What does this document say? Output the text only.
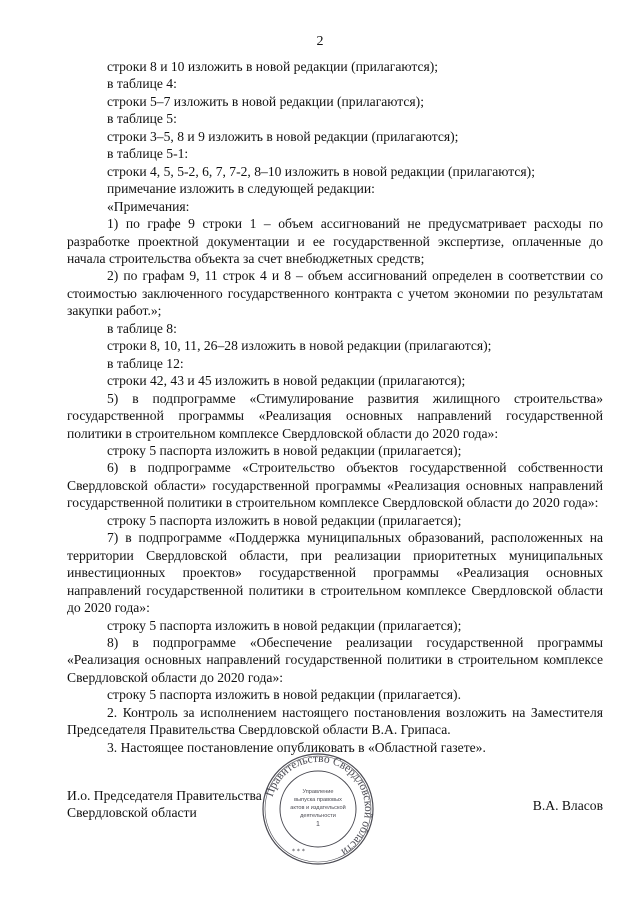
2

строки 8 и 10 изложить в новой редакции (прилагаются);

в таблице 4:

строки 5–7 изложить в новой редакции (прилагаются);

в таблице 5:

строки 3–5, 8 и 9 изложить в новой редакции (прилагаются);

в таблице 5-1:

строки 4, 5, 5-2, 6, 7, 7-2, 8–10 изложить в новой редакции (прилагаются);

примечание изложить в следующей редакции:

«Примечания:

1) по графе 9 строки 1 – объем ассигнований не предусматривает расходы по разработке проектной документации и ее государственной экспертизе, оплаченные до начала строительства объекта за счет внебюджетных средств;

2) по графам 9, 11 строк 4 и 8 – объем ассигнований определен в соответствии со стоимостью заключенного государственного контракта с учетом экономии по результатам закупки работ.»;

в таблице 8:

строки 8, 10, 11, 26–28 изложить в новой редакции (прилагаются);

в таблице 12:

строки 42, 43 и 45 изложить в новой редакции (прилагаются);

5) в подпрограмме «Стимулирование развития жилищного строительства» государственной программы «Реализация основных направлений государственной политики в строительном комплексе Свердловской области до 2020 года»:

строку 5 паспорта изложить в новой редакции (прилагается);

6) в подпрограмме «Строительство объектов государственной собственности Свердловской области» государственной программы «Реализация основных направлений государственной политики в строительном комплексе Свердловской области до 2020 года»:

строку 5 паспорта изложить в новой редакции (прилагается);

7) в подпрограмме «Поддержка муниципальных образований, расположенных на территории Свердловской области, при реализации приоритетных муниципальных инвестиционных проектов» государственной программы «Реализация основных направлений государственной политики в строительном комплексе Свердловской области до 2020 года»:

строку 5 паспорта изложить в новой редакции (прилагается);

8) в подпрограмме «Обеспечение реализации государственной программы «Реализация основных направлений государственной политики в строительном комплексе Свердловской области до 2020 года»:

строку 5 паспорта изложить в новой редакции (прилагается).

2. Контроль за исполнением настоящего постановления возложить на Заместителя Председателя Правительства Свердловской области В.А. Грипаса.

3. Настоящее постановление опубликовать в «Областной газете».

И.о. Председателя Правительства
Свердловской области	В.А. Власов
Правительство Свердловской области
Управление
выпуска правовых
актов и издательской
деятельности
1
* * *
